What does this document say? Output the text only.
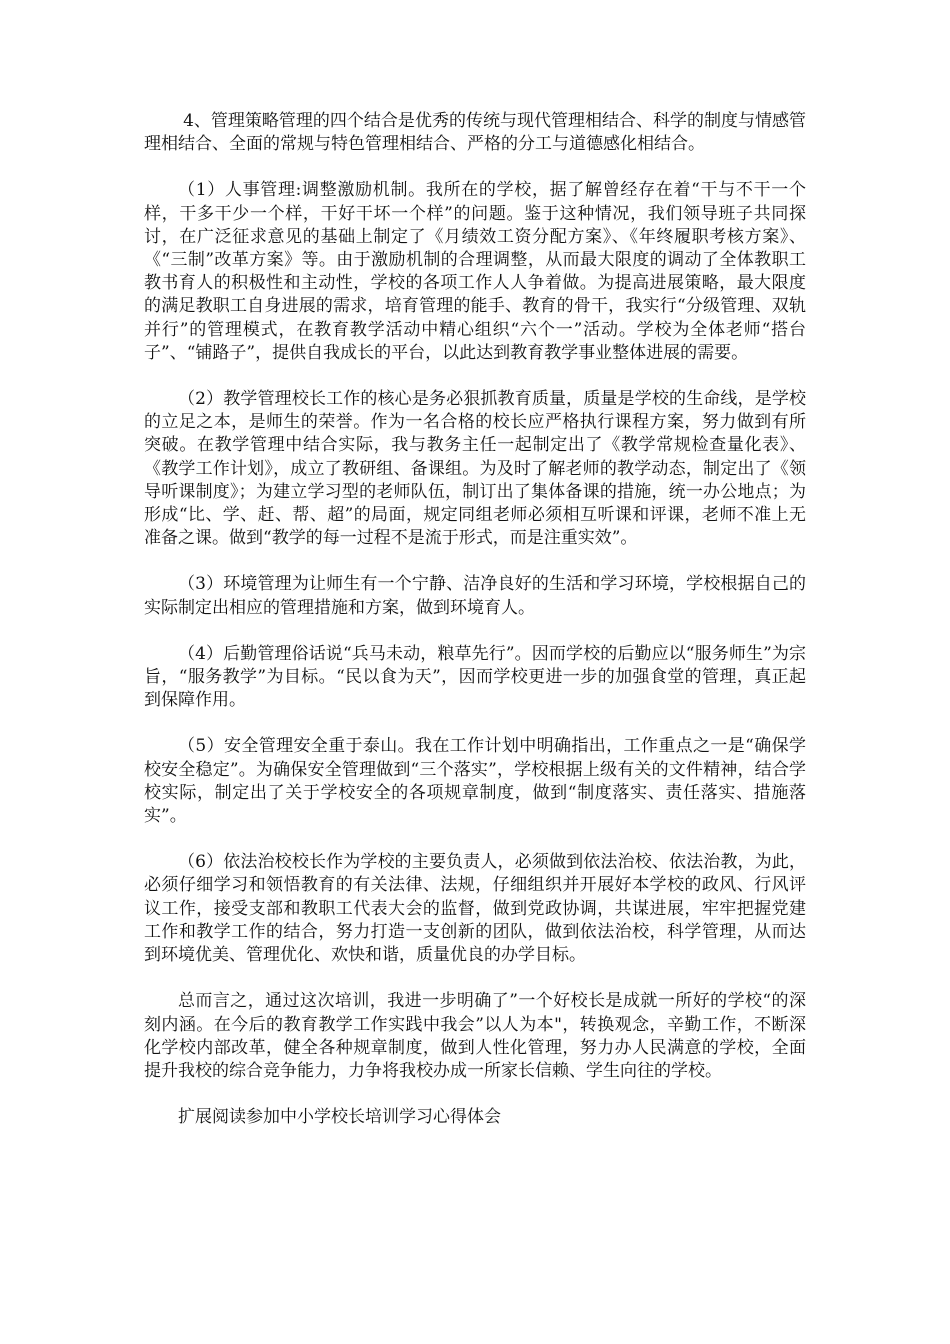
4、管理策略管理的四个结合是优秀的传统与现代管理相结合、科学的制度与情感管理相结合、全面的常规与特色管理相结合、严格的分工与道德感化相结合。

（1）人事管理:调整激励机制。我所在的学校，据了解曾经存在着“干与不干一个样，干多干少一个样，干好干坏一个样”的问题。鉴于这种情况，我们领导班子共同探讨，在广泛征求意见的基础上制定了《月绩效工资分配方案》、《年终履职考核方案》、《“三制”改革方案》等。由于激励机制的合理调整，从而最大限度的调动了全体教职工教书育人的积极性和主动性，学校的各项工作人人争着做。为提高进展策略，最大限度的满足教职工自身进展的需求，培育管理的能手、教育的骨干，我实行“分级管理、双轨并行”的管理模式，在教育教学活动中精心组织“六个一”活动。学校为全体老师“搭台子”、“铺路子”，提供自我成长的平台，以此达到教育教学事业整体进展的需要。

（2）教学管理校长工作的核心是务必狠抓教育质量，质量是学校的生命线，是学校的立足之本，是师生的荣誉。作为一名合格的校长应严格执行课程方案，努力做到有所突破。在教学管理中结合实际，我与教务主任一起制定出了《教学常规检查量化表》、《教学工作计划》，成立了教研组、备课组。为及时了解老师的教学动态，制定出了《领导听课制度》；为建立学习型的老师队伍，制订出了集体备课的措施，统一办公地点；为形成“比、学、赶、帮、超”的局面，规定同组老师必须相互听课和评课，老师不准上无准备之课。做到“教学的每一过程不是流于形式，而是注重实效”。

（3）环境管理为让师生有一个宁静、洁净良好的生活和学习环境，学校根据自己的实际制定出相应的管理措施和方案，做到环境育人。

（4）后勤管理俗话说“兵马未动，粮草先行”。因而学校的后勤应以“服务师生”为宗旨，“服务教学”为目标。“民以食为天”，因而学校更进一步的加强食堂的管理，真正起到保障作用。

（5）安全管理安全重于泰山。我在工作计划中明确指出，工作重点之一是“确保学校安全稳定”。为确保安全管理做到“三个落实”，学校根据上级有关的文件精神，结合学校实际，制定出了关于学校安全的各项规章制度，做到“制度落实、责任落实、措施落实”。

（6）依法治校校长作为学校的主要负责人，必须做到依法治校、依法治教，为此，必须仔细学习和领悟教育的有关法律、法规，仔细组织并开展好本学校的政风、行风评议工作，接受支部和教职工代表大会的监督，做到党政协调，共谋进展，牢牢把握党建工作和教学工作的结合，努力打造一支创新的团队，做到依法治校，科学管理，从而达到环境优美、管理优化、欢快和谐，质量优良的办学目标。

总而言之，通过这次培训，我进一步明确了”一个好校长是成就一所好的学校“的深刻内涵。在今后的教育教学工作实践中我会”以人为本"，转换观念，辛勤工作，不断深化学校内部改革，健全各种规章制度，做到人性化管理，努力办人民满意的学校，全面提升我校的综合竞争能力，力争将我校办成一所家长信赖、学生向往的学校。

扩展阅读参加中小学校长培训学习心得体会
